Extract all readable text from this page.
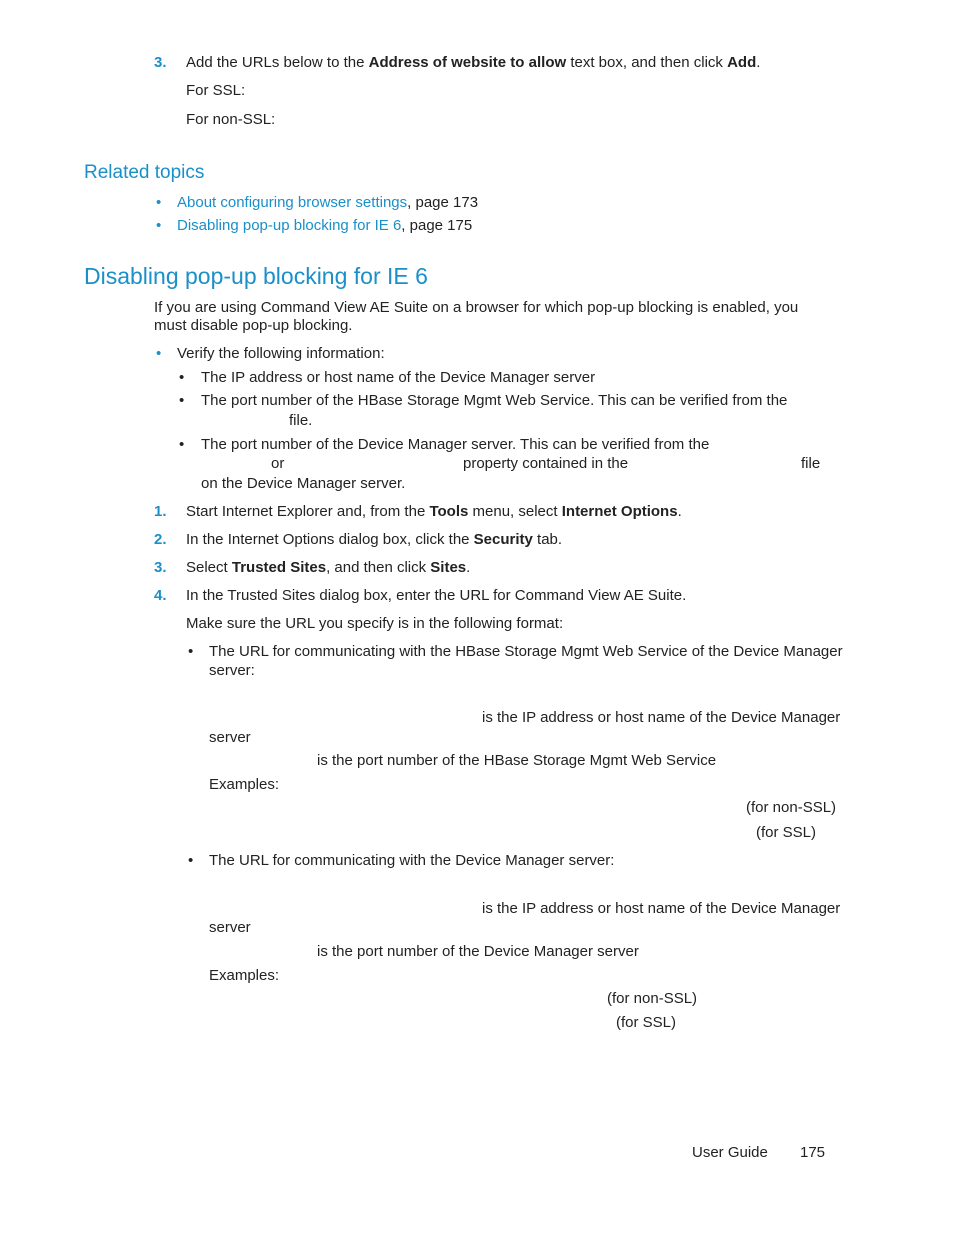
3. Add the URLs below to the Address of website to allow text box, and then click Add.
For SSL:
For non-SSL:
Related topics
• About configuring browser settings, page 173
• Disabling pop-up blocking for IE 6, page 175
Disabling pop-up blocking for IE 6
If you are using Command View AE Suite on a browser for which pop-up blocking is enabled, you
must disable pop-up blocking.
• Verify the following information:
• The IP address or host name of the Device Manager server
• The port number of the HBase Storage Mgmt Web Service. This can be verified from the
file.
• The port number of the Device Manager server. This can be verified from the
or	property contained in the	file
on the Device Manager server.
1. Start Internet Explorer and, from the Tools menu, select Internet Options.
2. In the Internet Options dialog box, click the Security tab.
3. Select Trusted Sites, and then click Sites.
4. In the Trusted Sites dialog box, enter the URL for Command View AE Suite.
Make sure the URL you specify is in the following format:
• The URL for communicating with the HBase Storage Mgmt Web Service of the Device Manager
server:
is the IP address or host name of the Device Manager
server
is the port number of the HBase Storage Mgmt Web Service
Examples:
(for non-SSL)
(for SSL)
• The URL for communicating with the Device Manager server:
is the IP address or host name of the Device Manager
server
is the port number of the Device Manager server
Examples:
(for non-SSL)
(for SSL)
User Guide 175
